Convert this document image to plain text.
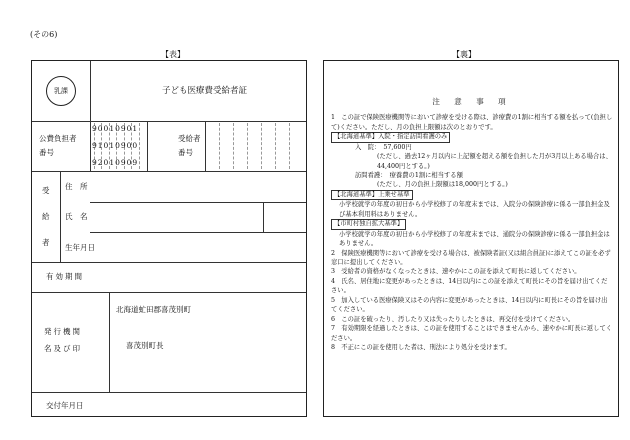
(その6)
【表】
乳課	子ども医療費受給者証
公費負担者
番号
90010901
91010900
92010909
受給者
番号
受
給
者
住　所
氏　名
生年月日
有効期間
発行機関
名及び印
北海道虻田郡喜茂別町
喜茂別町長
交付年月日
【裏】

注 意 事 項

1　この証で保険医療機関等において診療を受ける際は、診療費の1割に相当する額を払って(負担して)ください。ただし、月の負担上限額は次のとおりです。

【北海道基準】入院・指定訪問看護のみ

入　院：　57,600円

(ただし、過去12ヶ月以内に上記額を超える額を負担した月が3月以上ある場合は、44,400円とする。)

訪問看護：　療養費の1割に相当する額

(ただし、月の負担上限額は18,000円とする。)

【北海道基準】上乗せ基準

小学校就学の年度の初日から小学校修了の年度末までは、入院分の保険診療に係る一部負担金及び基本利用料はありません。

【市町村独自拡大基準】

小学校就学の年度の初日から小学校修了の年度末までは、通院分の保険診療に係る一部負担金はありません。

2　保険医療機関等において診療を受ける場合は、被保険者証(又は組合員証)に添えてこの証を必ず窓口に提出してください。

3　受給者の資格がなくなったときは、速やかにこの証を添えて町長に返してください。

4　氏名、居住地に変更があったときは、14日以内にこの証を添えて町長にその旨を届け出てください。

5　加入している医療保険又はその内容に変更があったときは、14日以内に町長にその旨を届け出てください。

6　この証を破ったり、汚したり又は失ったりしたときは、再交付を受けてください。

7　有効期限を経過したときは、この証を使用することはできませんから、速やかに町長に返してください。

8　不正にこの証を使用した者は、刑法により処分を受けます。
